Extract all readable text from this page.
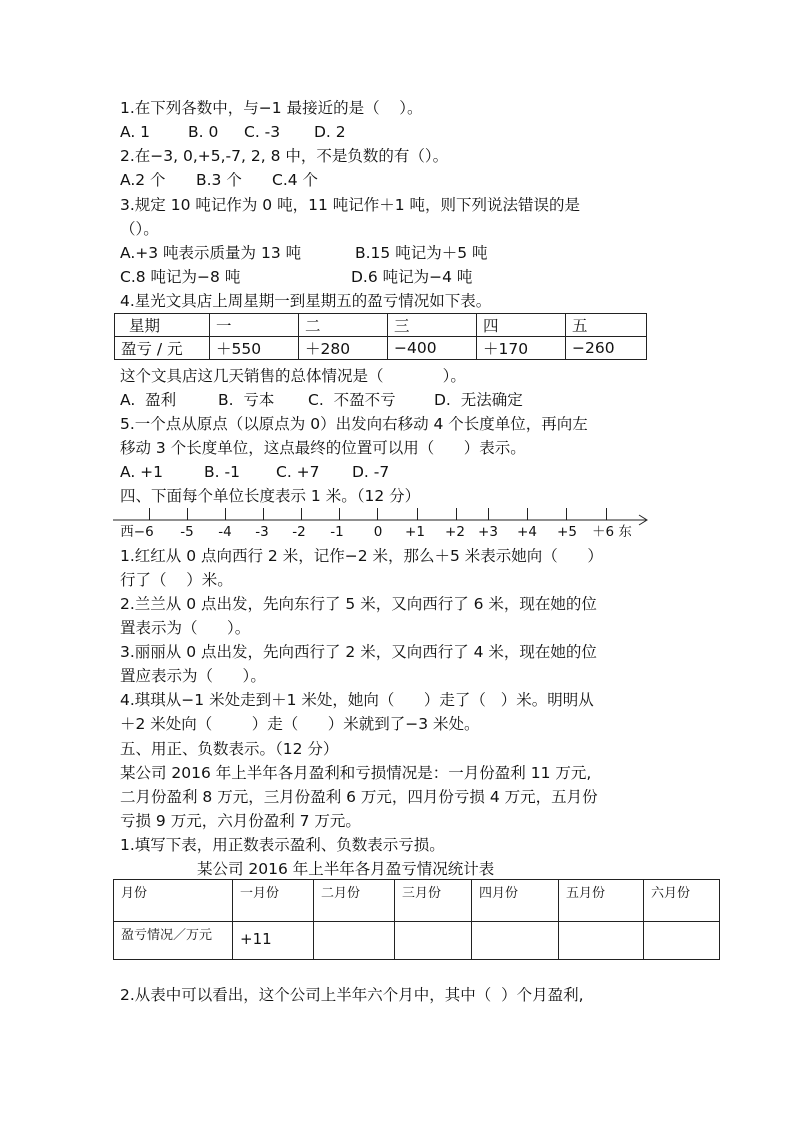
1.在下列各数中，与−1 最接近的是（    ）。
A. 1 B. 0 C. -3 D. 2
2.在−3, 0,+5,-7, 2, 8 中，不是负数的有（）。
A.2 个 B.3 个 C.4 个
3.规定 10 吨记作为 0 吨，11 吨记作＋1 吨，则下列说法错误的是
（）。
A.+3 吨表示质量为 13 吨	B.15 吨记为＋5 吨
C.8 吨记为−8 吨	D.6 吨记为−4 吨
4.星光文具店上周星期一到星期五的盈亏情况如下表。
星期	一	二	三	四	五
盈亏 / 元	＋550	＋280	−400	＋170	−260
这个文具店这几天销售的总体情况是（            ）。
A.  盈利	B.  亏本 C.  不盈不亏 D.  无法确定
5.一个点从原点（以原点为 0）出发向右移动 4 个长度单位，再向左
移动 3 个长度单位，这点最终的位置可以用（      ）表示。
A. +1	B. -1 C. +7 D. -7
四、下面每个单位长度表示 1 米。（12 分）
西−6 -5 -4 -3 -2 -1 0 +1 +2 +3 +4 +5 ＋6 东
1.红红从 0 点向西行 2 米，记作−2 米，那么＋5 米表示她向（      ）
行了（    ）米。
2.兰兰从 0 点出发，先向东行了 5 米，又向西行了 6 米，现在她的位
置表示为（      ）。
3.丽丽从 0 点出发，先向西行了 2 米，又向西行了 4 米，现在她的位
置应表示为（      ）。
4.琪琪从−1 米处走到＋1 米处，她向（      ）走了（   ）米。明明从
＋2 米处向（        ）走（      ）米就到了−3 米处。
五、用正、负数表示。（12 分）
某公司 2016 年上半年各月盈利和亏损情况是：一月份盈利 11 万元,
二月份盈利 8 万元，三月份盈利 6 万元，四月份亏损 4 万元，五月份
亏损 9 万元，六月份盈利 7 万元。
1.填写下表，用正数表示盈利、负数表示亏损。
某公司 2016 年上半年各月盈亏情况统计表
月份	一月份	二月份	三月份	四月份	五月份	六月份
盈亏情况／万元	+11					
2.从表中可以看出，这个公司上半年六个月中，其中（  ）个月盈利,
